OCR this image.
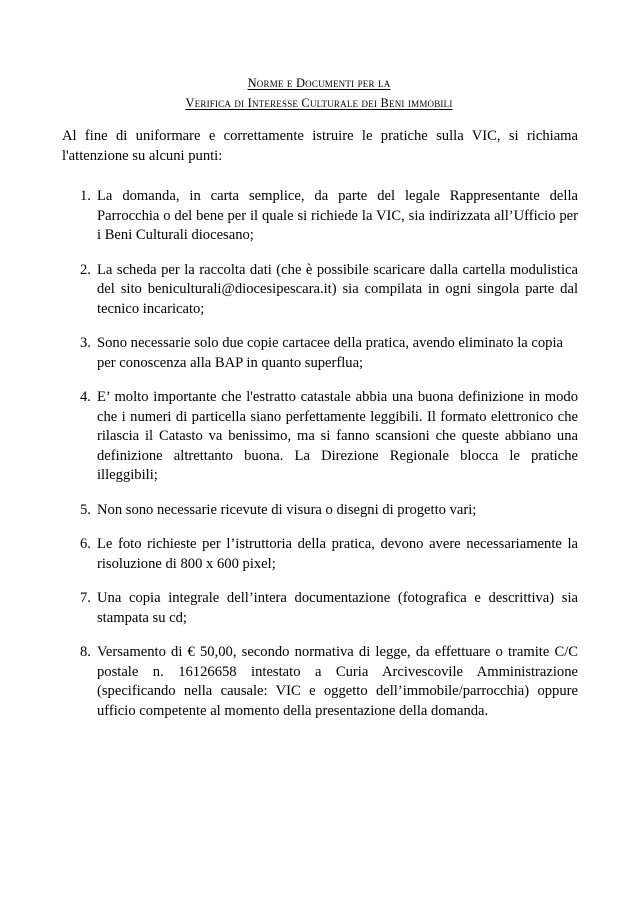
Norme e Documenti per la
Verifica di Interesse Culturale dei Beni immobili
Al fine di uniformare e correttamente istruire le pratiche sulla VIC, si richiama l'attenzione su alcuni punti:
1. La domanda, in carta semplice, da parte del legale Rappresentante della Parrocchia o del bene per il quale si richiede la VIC, sia indirizzata all’Ufficio per i Beni Culturali diocesano;
2. La scheda per la raccolta dati (che è possibile scaricare dalla cartella modulistica del sito beniculturali@diocesipescara.it) sia compilata in ogni singola parte dal tecnico incaricato;
3. Sono necessarie solo due copie cartacee della pratica, avendo eliminato la copia per conoscenza alla BAP in quanto superflua;
4. E’ molto importante che l'estratto catastale abbia una buona definizione in modo che i numeri di particella siano perfettamente leggibili. Il formato elettronico che rilascia il Catasto va benissimo, ma si fanno scansioni che queste abbiano una definizione altrettanto buona. La Direzione Regionale blocca le pratiche illeggibili;
5. Non sono necessarie ricevute di visura o disegni di progetto vari;
6. Le foto richieste per l’istruttoria della pratica, devono avere necessariamente la risoluzione di 800 x 600 pixel;
7. Una copia integrale dell’intera documentazione (fotografica e descrittiva) sia stampata su cd;
8. Versamento di € 50,00, secondo normativa di legge, da effettuare o tramite C/C postale n. 16126658 intestato a Curia Arcivescovile Amministrazione (specificando nella causale: VIC e oggetto dell’immobile/parrocchia) oppure ufficio competente al momento della presentazione della domanda.
